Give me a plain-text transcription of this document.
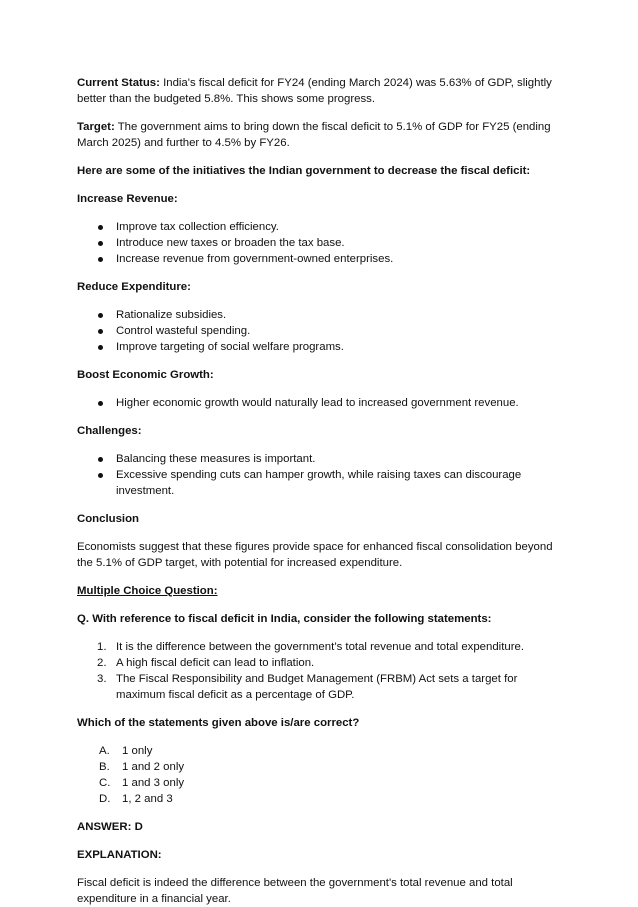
Current Status: India's fiscal deficit for FY24 (ending March 2024) was 5.63% of GDP, slightly better than the budgeted 5.8%. This shows some progress.

Target: The government aims to bring down the fiscal deficit to 5.1% of GDP for FY25 (ending March 2025) and further to 4.5% by FY26.

Here are some of the initiatives the Indian government to decrease the fiscal deficit:

Increase Revenue:

Improve tax collection efficiency.
Introduce new taxes or broaden the tax base.
Increase revenue from government-owned enterprises.

Reduce Expenditure:

Rationalize subsidies.
Control wasteful spending.
Improve targeting of social welfare programs.

Boost Economic Growth:

Higher economic growth would naturally lead to increased government revenue.

Challenges:

Balancing these measures is important.
Excessive spending cuts can hamper growth, while raising taxes can discourage investment.

Conclusion

Economists suggest that these figures provide space for enhanced fiscal consolidation beyond the 5.1% of GDP target, with potential for increased expenditure.

Multiple Choice Question:

Q. With reference to fiscal deficit in India, consider the following statements:

1. It is the difference between the government’s total revenue and total expenditure.
2. A high fiscal deficit can lead to inflation.
3. The Fiscal Responsibility and Budget Management (FRBM) Act sets a target for maximum fiscal deficit as a percentage of GDP.

Which of the statements given above is/are correct?

A. 1 only
B. 1 and 2 only
C. 1 and 3 only
D. 1, 2 and 3

ANSWER: D

EXPLANATION:

Fiscal deficit is indeed the difference between the government's total revenue and total expenditure in a financial year.
